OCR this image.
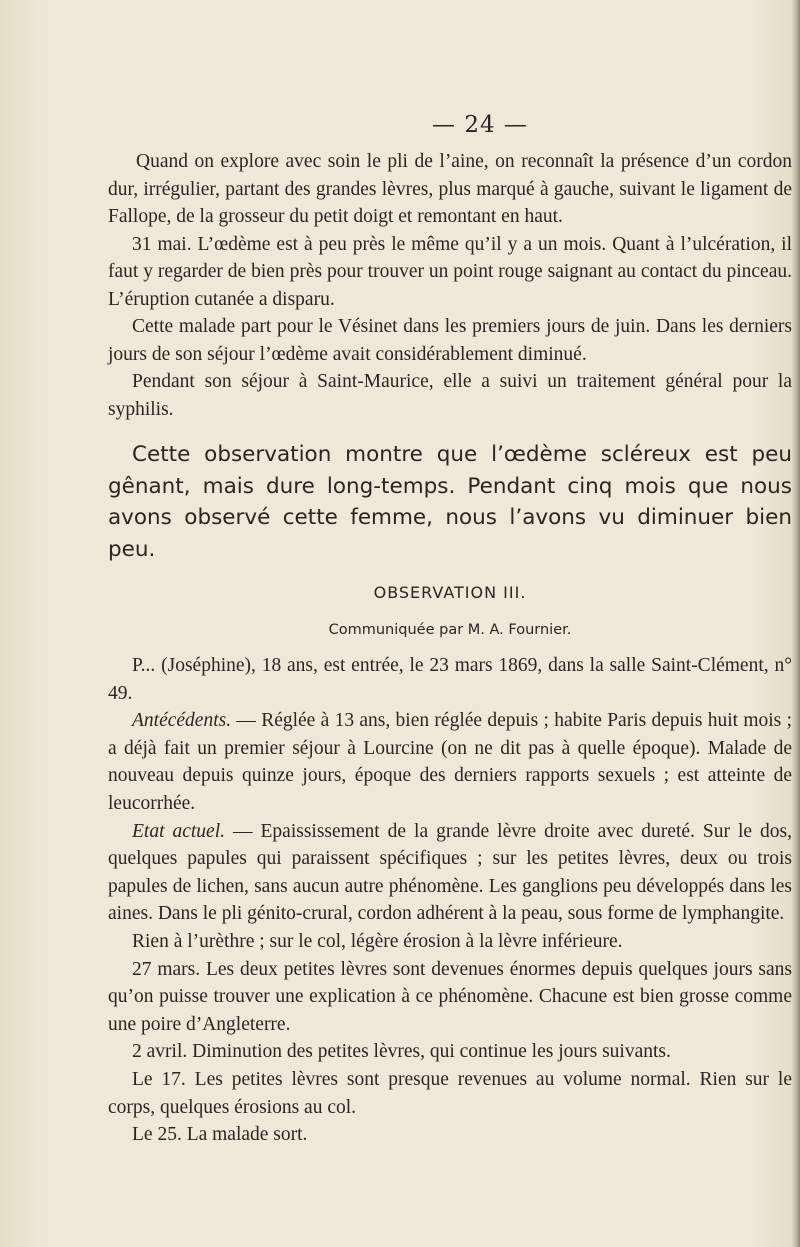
— 24 —

Quand on explore avec soin le pli de l’aine, on reconnaît la présence d’un cordon dur, irrégulier, partant des grandes lèvres, plus marqué à gauche, suivant le ligament de Fallope, de la grosseur du petit doigt et remontant en haut.

31 mai. L’œdème est à peu près le même qu’il y a un mois. Quant à l’ulcération, il faut y regarder de bien près pour trouver un point rouge saignant au contact du pinceau. L’éruption cutanée a disparu.

Cette malade part pour le Vésinet dans les premiers jours de juin. Dans les derniers jours de son séjour l’œdème avait considérablement diminué.

Pendant son séjour à Saint-Maurice, elle a suivi un traitement général pour la syphilis.

Cette observation montre que l’œdème scléreux est peu gênant, mais dure long-temps. Pendant cinq mois que nous avons observé cette femme, nous l’avons vu diminuer bien peu.

OBSERVATION III.
Communiquée par M. A. Fournier.

P... (Joséphine), 18 ans, est entrée, le 23 mars 1869, dans la salle Saint-Clément, n° 49.

Antécédents. — Réglée à 13 ans, bien réglée depuis ; habite Paris depuis huit mois ; a déjà fait un premier séjour à Lourcine (on ne dit pas à quelle époque). Malade de nouveau depuis quinze jours, époque des derniers rapports sexuels ; est atteinte de leucorrhée.

Etat actuel. — Epaississement de la grande lèvre droite avec dureté. Sur le dos, quelques papules qui paraissent spécifiques ; sur les petites lèvres, deux ou trois papules de lichen, sans aucun autre phénomène. Les ganglions peu développés dans les aines. Dans le pli génito-crural, cordon adhérent à la peau, sous forme de lymphangite.

Rien à l’urèthre ; sur le col, légère érosion à la lèvre inférieure.

27 mars. Les deux petites lèvres sont devenues énormes depuis quelques jours sans qu’on puisse trouver une explication à ce phénomène. Chacune est bien grosse comme une poire d’Angleterre.

2 avril. Diminution des petites lèvres, qui continue les jours suivants.

Le 17. Les petites lèvres sont presque revenues au volume normal. Rien sur le corps, quelques érosions au col.

Le 25. La malade sort.
